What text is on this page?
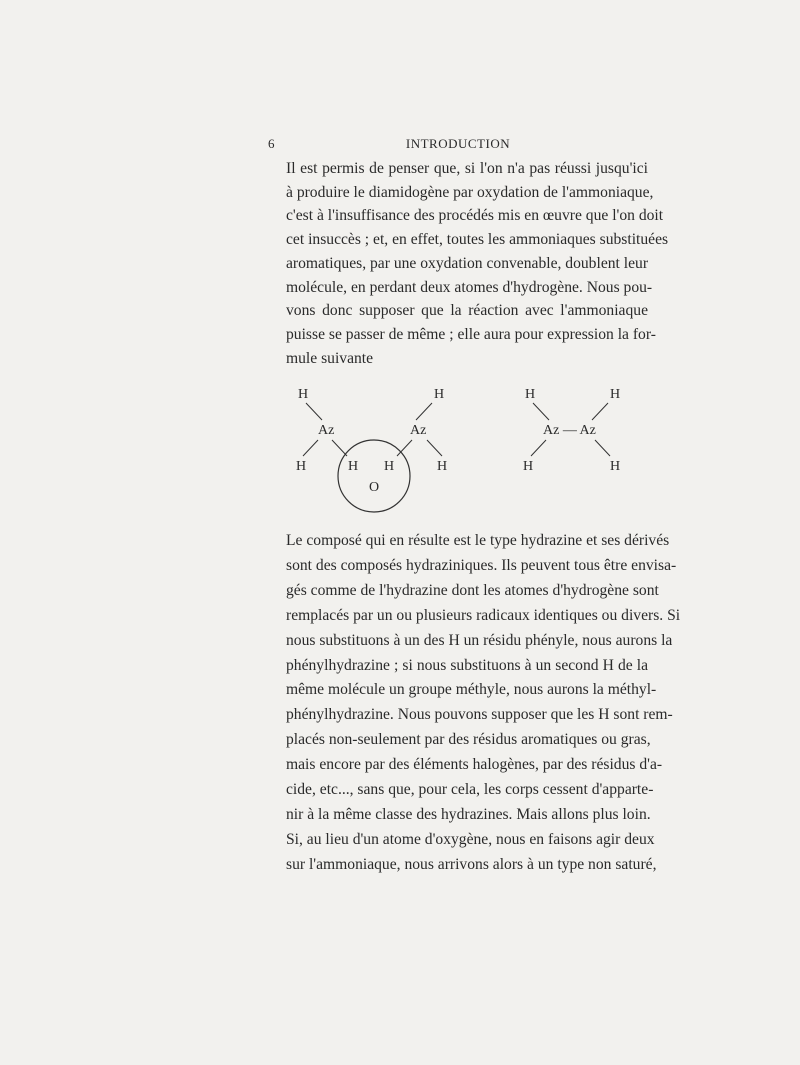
6	INTRODUCTION
Il est permis de penser que, si l'on n'a pas réussi jusqu'ici
à produire le diamidogène par oxydation de l'ammoniaque,
c'est à l'insuffisance des procédés mis en œuvre que l'on doit
cet insuccès ; et, en effet, toutes les ammoniaques substituées
aromatiques, par une oxydation convenable, doublent leur
molécule, en perdant deux atomes d'hydrogène. Nous pou-
vons donc supposer que la réaction avec l'ammoniaque
puisse se passer de même ; elle aura pour expression la for-
mule suivante
H	H
Az	Az
H	H H	H
O
H	H
Az — Az
H	H
Le composé qui en résulte est le type hydrazine et ses dérivés
sont des composés hydraziniques. Ils peuvent tous être envisa-
gés comme de l'hydrazine dont les atomes d'hydrogène sont
remplacés par un ou plusieurs radicaux identiques ou divers. Si
nous substituons à un des H un résidu phényle, nous aurons la
phénylhydrazine ; si nous substituons à un second H de la
même molécule un groupe méthyle, nous aurons la méthyl-
phénylhydrazine. Nous pouvons supposer que les H sont rem-
placés non-seulement par des résidus aromatiques ou gras,
mais encore par des éléments halogènes, par des résidus d'a-
cide, etc..., sans que, pour cela, les corps cessent d'apparte-
nir à la même classe des hydrazines. Mais allons plus loin.
Si, au lieu d'un atome d'oxygène, nous en faisons agir deux
sur l'ammoniaque, nous arrivons alors à un type non saturé,
